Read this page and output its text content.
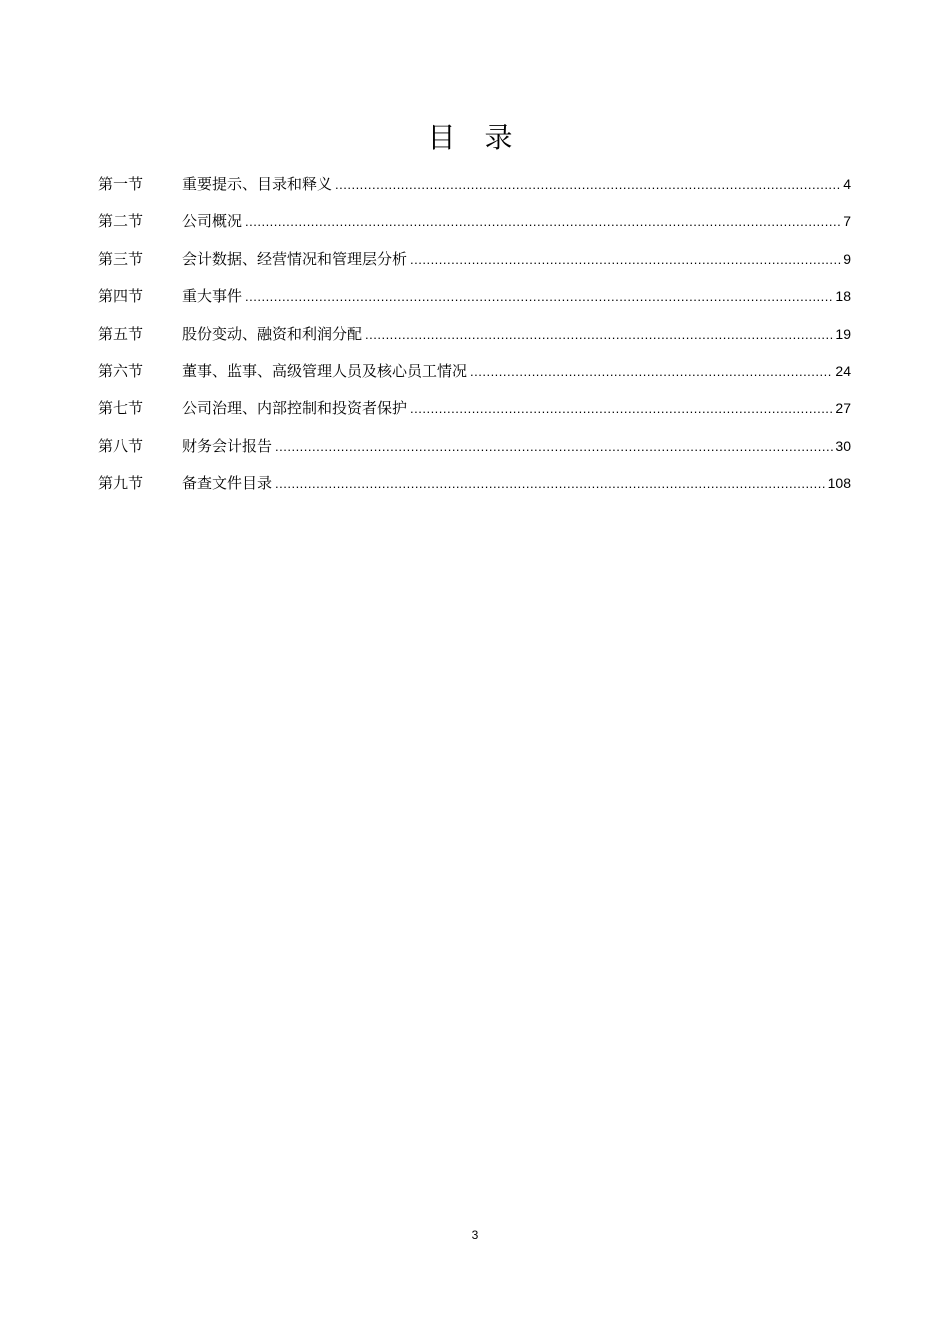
目 录
第一节	重要提示、目录和释义 .....	4
第二节	公司概况 .....	7
第三节	会计数据、经营情况和管理层分析 .....	9
第四节	重大事件 .....	18
第五节	股份变动、融资和利润分配 .....	19
第六节	董事、监事、高级管理人员及核心员工情况 .....	24
第七节	公司治理、内部控制和投资者保护 .....	27
第八节	财务会计报告 .....	30
第九节	备查文件目录 .....	108
3
